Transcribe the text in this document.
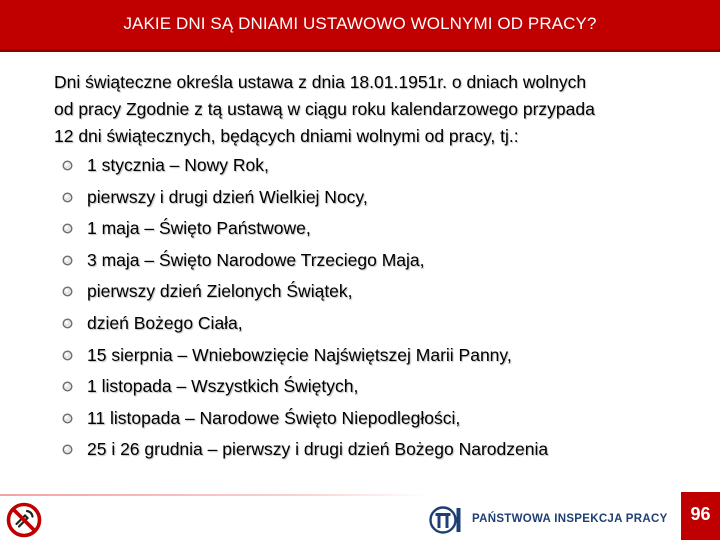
JAKIE DNI SĄ DNIAMI USTAWOWO WOLNYMI OD PRACY?
Dni świąteczne określa ustawa z dnia 18.01.1951r. o dniach wolnych
od pracy Zgodnie z tą ustawą w ciągu roku kalendarzowego przypada
12 dni świątecznych, będących dniami wolnymi od pracy, tj.:
1 stycznia – Nowy Rok,
pierwszy i drugi dzień Wielkiej Nocy,
1 maja – Święto Państwowe,
3 maja – Święto Narodowe Trzeciego Maja,
pierwszy dzień Zielonych Świątek,
dzień Bożego Ciała,
15 sierpnia – Wniebowzięcie Najświętszej Marii Panny,
1 listopada – Wszystkich Świętych,
11 listopada – Narodowe Święto Niepodległości,
25 i 26 grudnia – pierwszy i drugi dzień Bożego Narodzenia
PAŃSTWOWA INSPEKCJA PRACY	96
